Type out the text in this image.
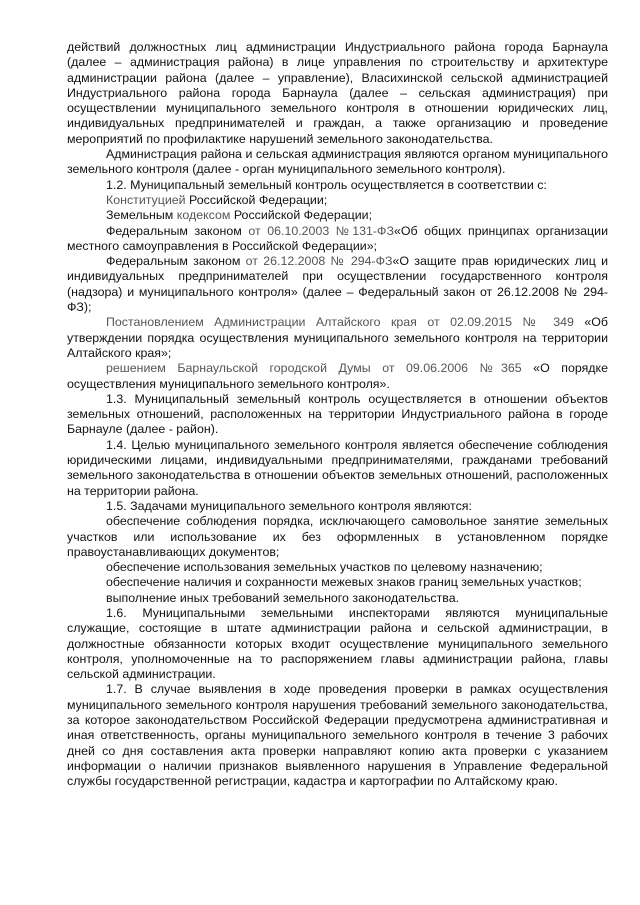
действий должностных лиц администрации Индустриального района города Барнаула (далее – администрация района) в лице управления по строительству и архитектуре администрации района (далее – управление), Власихинской сельской администрацией Индустриального района города Барнаула (далее – сельская администрация) при осуществлении муниципального земельного контроля в отношении юридических лиц, индивидуальных предпринимателей и граждан, а также организацию и проведение мероприятий по профилактике нарушений земельного законодательства.

Администрация района и сельская администрация являются органом муниципального земельного контроля (далее - орган муниципального земельного контроля).

1.2. Муниципальный земельный контроль осуществляется в соответствии с:

Конституцией Российской Федерации;

Земельным кодексом Российской Федерации;

Федеральным законом от 06.10.2003 №131-ФЗ«Об общих принципах организации местного самоуправления в Российской Федерации»;

Федеральным законом от 26.12.2008 № 294-ФЗ«О защите прав юридических лиц и индивидуальных предпринимателей при осуществлении государственного контроля (надзора) и муниципального контроля» (далее – Федеральный закон от 26.12.2008 № 294-ФЗ);

Постановлением Администрации Алтайского края от 02.09.2015 № 349 «Об утверждении порядка осуществления муниципального земельного контроля на территории Алтайского края»;

решением Барнаульской городской Думы от 09.06.2006 №365 «О порядке осуществления муниципального земельного контроля».

1.3. Муниципальный земельный контроль осуществляется в отношении объектов земельных отношений, расположенных на территории Индустриального района в городе Барнауле (далее - район).

1.4. Целью муниципального земельного контроля является обеспечение соблюдения юридическими лицами, индивидуальными предпринимателями, гражданами требований земельного законодательства в отношении объектов земельных отношений, расположенных на территории района.

1.5. Задачами муниципального земельного контроля являются:

обеспечение соблюдения порядка, исключающего самовольное занятие земельных участков или использование их без оформленных в установленном порядке правоустанавливающих документов;

обеспечение использования земельных участков по целевому назначению;

обеспечение наличия и сохранности межевых знаков границ земельных участков;

выполнение иных требований земельного законодательства.

1.6. Муниципальными земельными инспекторами являются муниципальные служащие, состоящие в штате администрации района и сельской администрации, в должностные обязанности которых входит осуществление муниципального земельного контроля, уполномоченные на то распоряжением главы администрации района, главы сельской администрации.

1.7. В случае выявления в ходе проведения проверки в рамках осуществления муниципального земельного контроля нарушения требований земельного законодательства, за которое законодательством Российской Федерации предусмотрена административная и иная ответственность, органы муниципального земельного контроля в течение 3 рабочих дней со дня составления акта проверки направляют копию акта проверки с указанием информации о наличии признаков выявленного нарушения в Управление Федеральной службы государственной регистрации, кадастра и картографии по Алтайскому краю.
